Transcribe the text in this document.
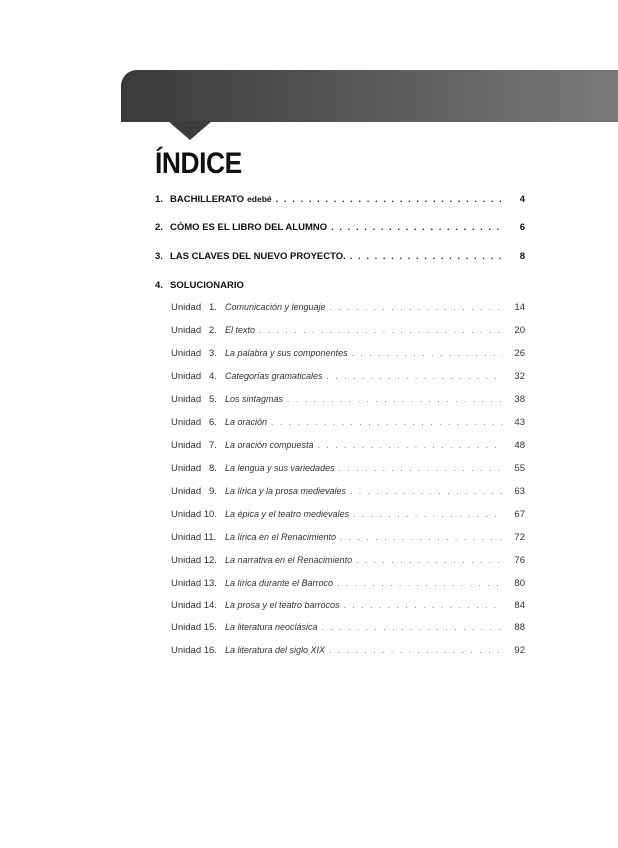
ÍNDICE
1. BACHILLERATO edebé . . .	4
2. CÓMO ES EL LIBRO DEL ALUMNO . . .	6
3. LAS CLAVES DEL NUEVO PROYECTO. . . .	8
4. SOLUCIONARIO
Unidad   1. Comunicación y lenguaje . . .	14
Unidad   2. El texto . . .	20
Unidad   3. La palabra y sus componentes . . .	26
Unidad   4. Categorías gramaticales . . .	32
Unidad   5. Los sintagmas . . .	38
Unidad   6. La oración . . .	43
Unidad   7. La oración compuesta . . .	48
Unidad   8. La lengua y sus variedades . . .	55
Unidad   9. La lírica y la prosa medievales . . .	63
Unidad 10. La épica y el teatro medievales . . .	67
Unidad 11. La lírica en el Renacimiento . . .	72
Unidad 12. La narrativa en el Renacimiento . . .	76
Unidad 13. La lírica durante el Barroco . . .	80
Unidad 14. La prosa y el teatro barrocos . . .	84
Unidad 15. La literatura neoclásica . . .	88
Unidad 16. La literatura del siglo XIX . . .	92
